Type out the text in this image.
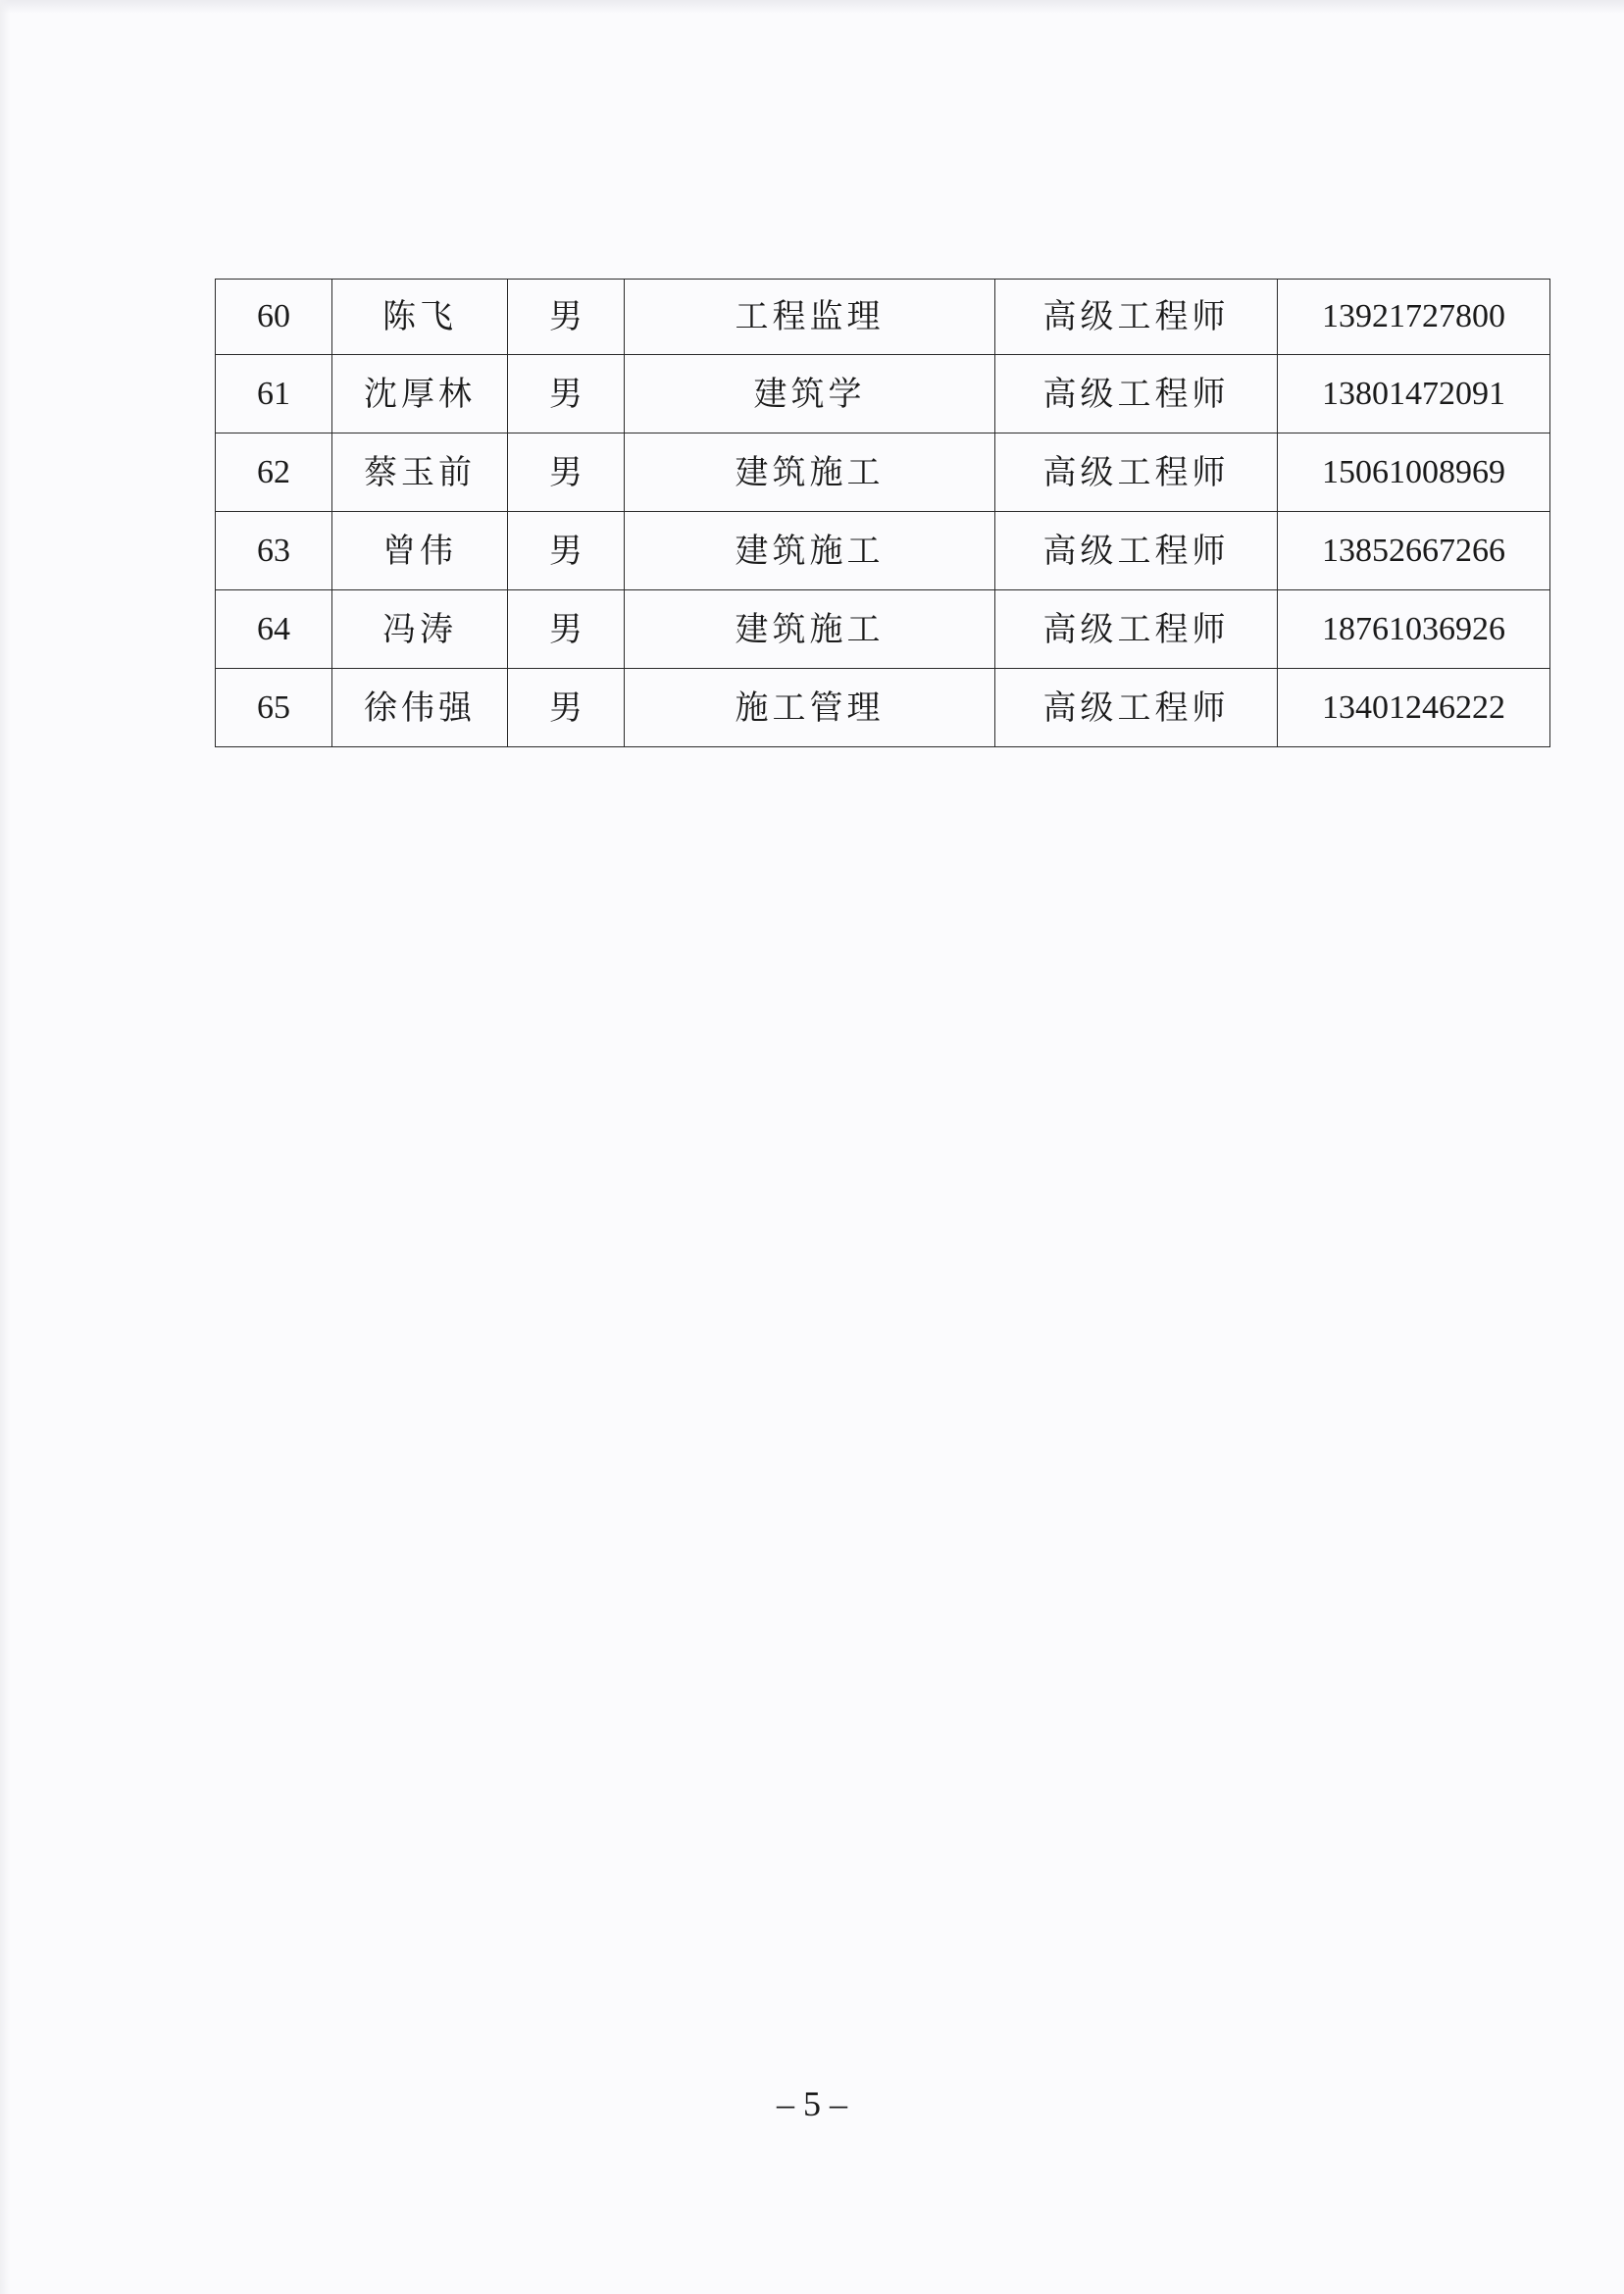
60	陈飞	男	工程监理	高级工程师	13921727800
61	沈厚林	男	建筑学	高级工程师	13801472091
62	蔡玉前	男	建筑施工	高级工程师	15061008969
63	曾伟	男	建筑施工	高级工程师	13852667266
64	冯涛	男	建筑施工	高级工程师	18761036926
65	徐伟强	男	施工管理	高级工程师	13401246222
– 5 –
